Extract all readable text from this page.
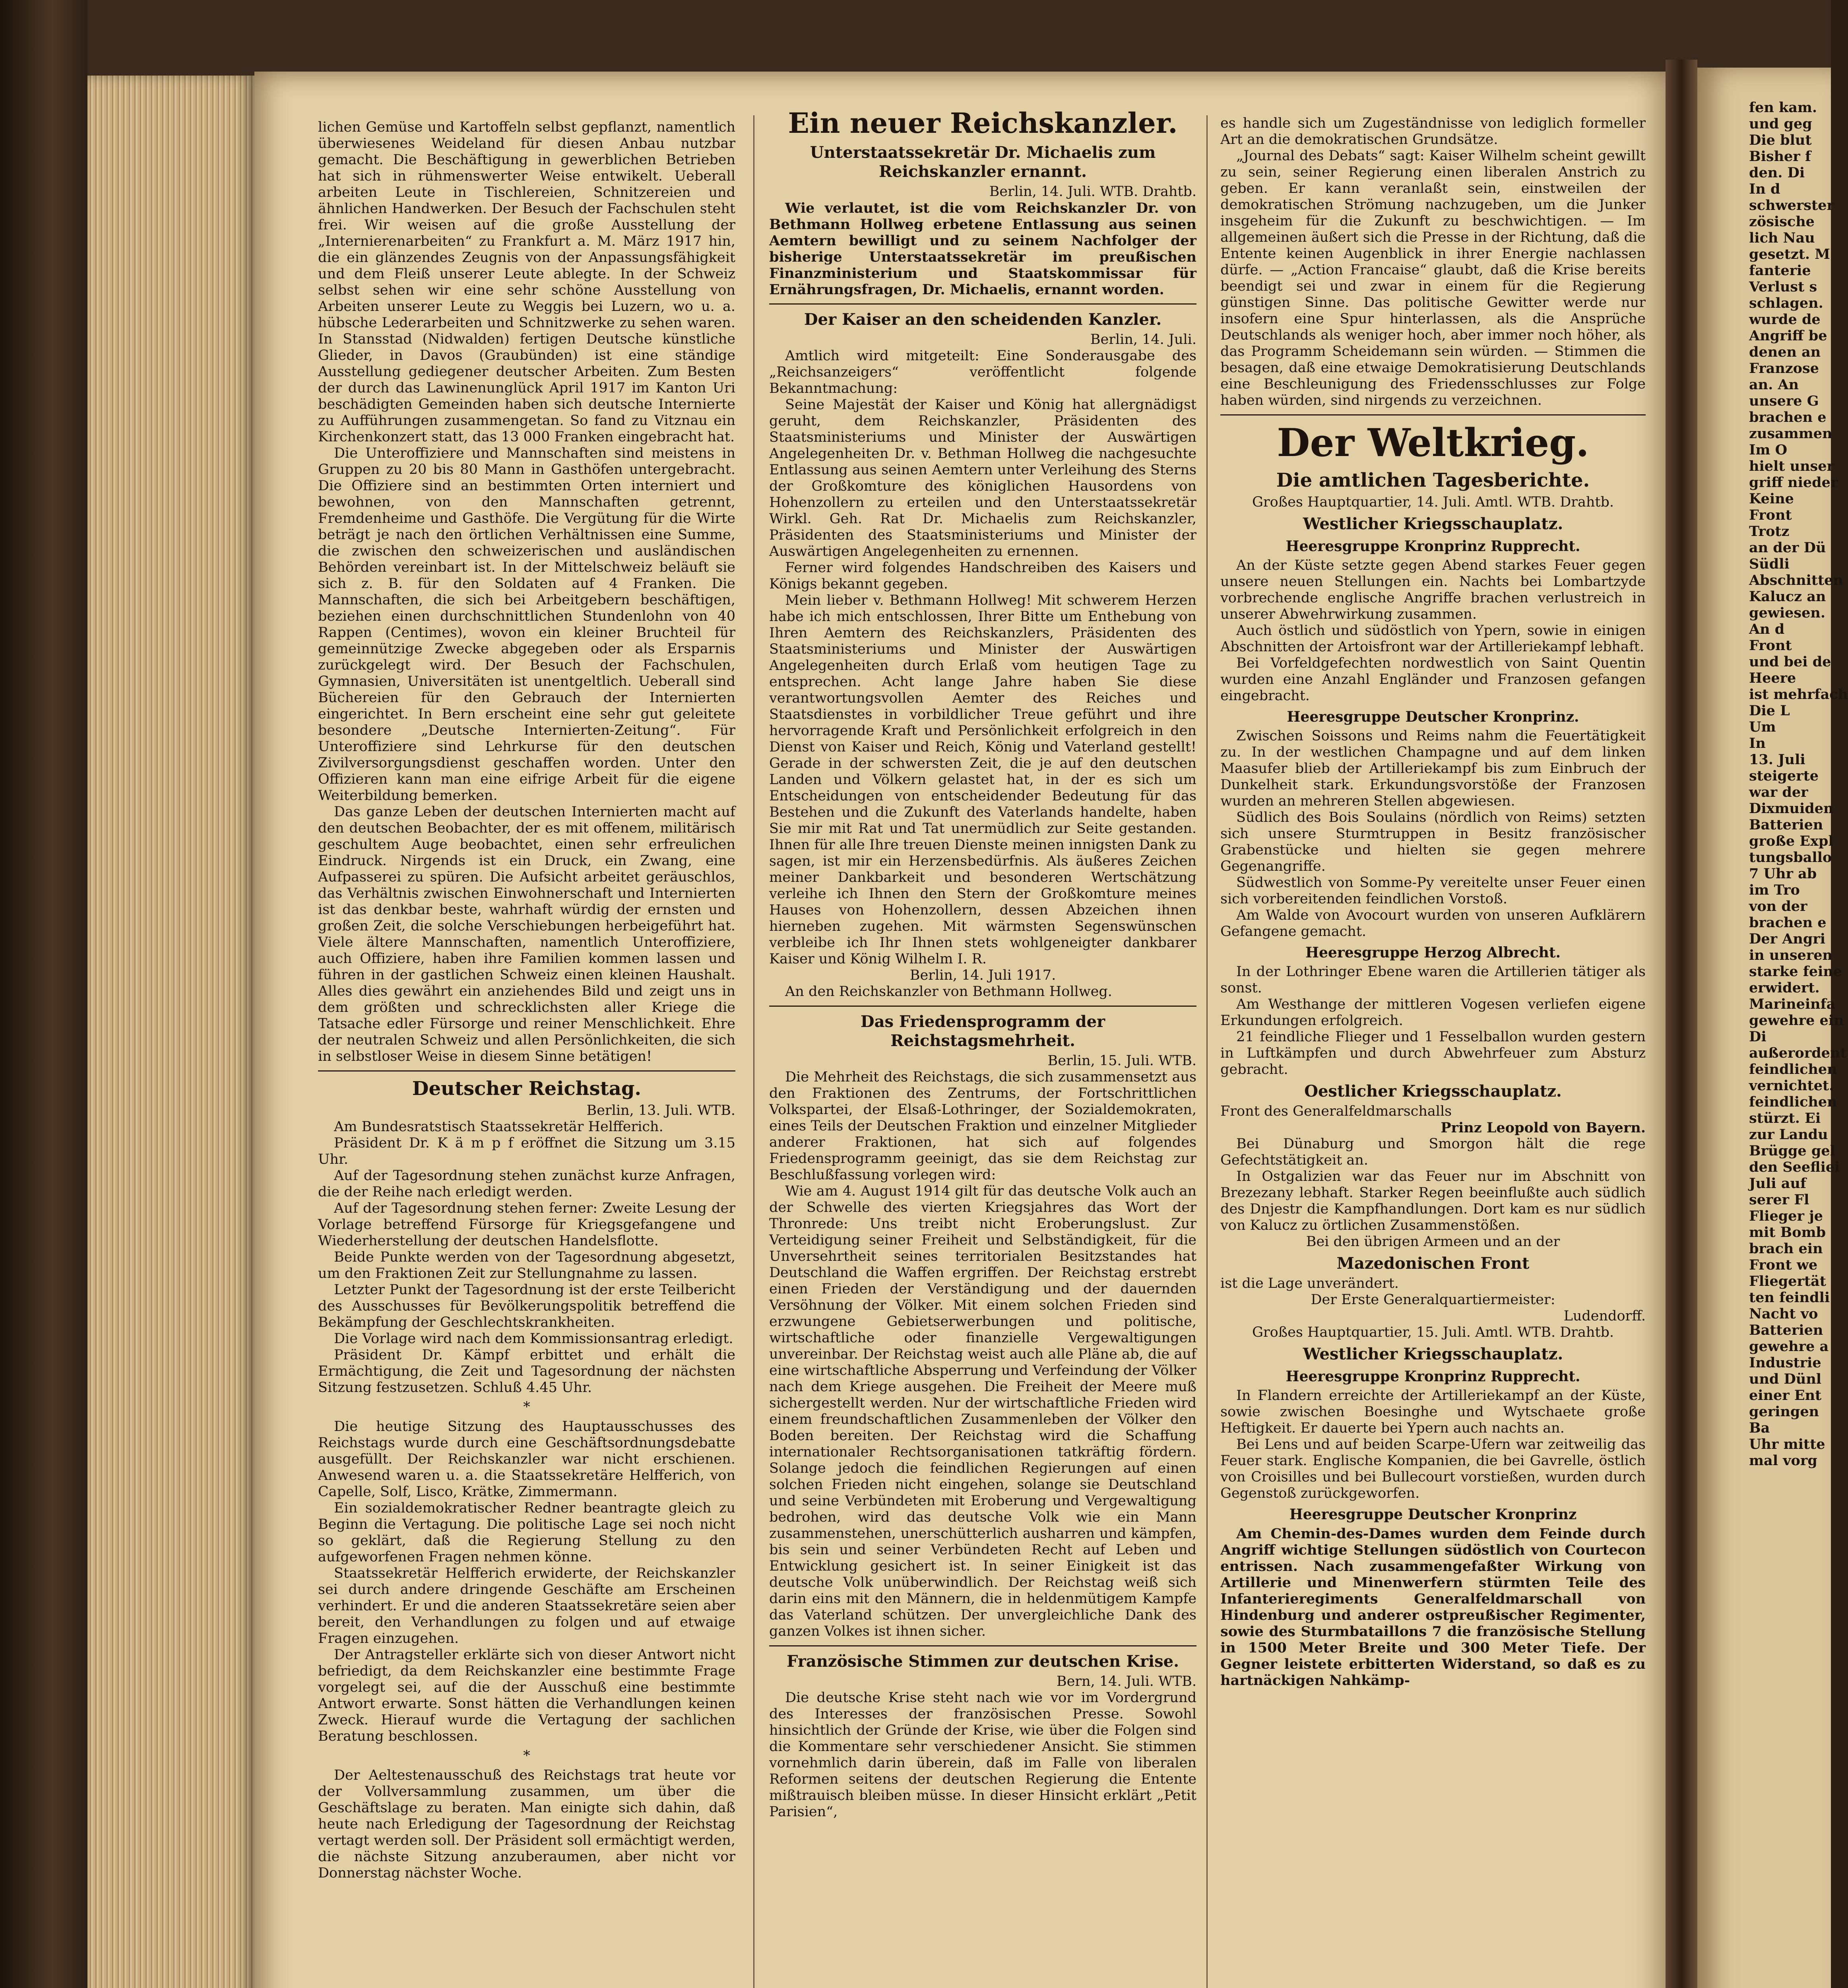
lichen Gemüse und Kartoffeln selbst gepflanzt, namentlich überwiesenes Weideland für diesen Anbau nutzbar gemacht. Die Beschäftigung in gewerblichen Betrieben hat sich in rühmenswerter Weise entwikelt. Ueberall arbeiten Leute in Tischlereien, Schnitzereien und ähnlichen Handwerken. Der Besuch der Fachschulen steht frei. Wir weisen auf die große Ausstellung der „Internierenarbeiten“ zu Frankfurt a. M. März 1917 hin, die ein glänzendes Zeugnis von der Anpassungsfähigkeit und dem Fleiß unserer Leute ablegte. In der Schweiz selbst sehen wir eine sehr schöne Ausstellung von Arbeiten unserer Leute zu Weggis bei Luzern, wo u. a. hübsche Lederarbeiten und Schnitzwerke zu sehen waren. In Stansstad (Nidwalden) fertigen Deutsche künstliche Glieder, in Davos (Graubünden) ist eine ständige Ausstellung gediegener deutscher Arbeiten. Zum Besten der durch das Lawinenunglück April 1917 im Kanton Uri beschädigten Gemeinden haben sich deutsche Internierte zu Aufführungen zusammengetan. So fand zu Vitznau ein Kirchenkonzert statt, das 13 000 Franken eingebracht hat.

Die Unteroffiziere und Mannschaften sind meistens in Gruppen zu 20 bis 80 Mann in Gasthöfen untergebracht. Die Offiziere sind an bestimmten Orten interniert und bewohnen, von den Mannschaften getrennt, Fremdenheime und Gasthöfe. Die Vergütung für die Wirte beträgt je nach den örtlichen Verhältnissen eine Summe, die zwischen den schweizerischen und ausländischen Behörden vereinbart ist. In der Mittelschweiz beläuft sie sich z. B. für den Soldaten auf 4 Franken. Die Mannschaften, die sich bei Arbeitgebern beschäftigen, beziehen einen durchschnittlichen Stundenlohn von 40 Rappen (Centimes), wovon ein kleiner Bruchteil für gemeinnützige Zwecke abgegeben oder als Ersparnis zurückgelegt wird. Der Besuch der Fachschulen, Gymnasien, Universitäten ist unentgeltlich. Ueberall sind Büchereien für den Gebrauch der Internierten eingerichtet. In Bern erscheint eine sehr gut geleitete besondere „Deutsche Internierten-Zeitung“. Für Unteroffiziere sind Lehrkurse für den deutschen Zivilversorgungsdienst geschaffen worden. Unter den Offizieren kann man eine eifrige Arbeit für die eigene Weiterbildung bemerken.

Das ganze Leben der deutschen Internierten macht auf den deutschen Beobachter, der es mit offenem, militärisch geschultem Auge beobachtet, einen sehr erfreulichen Eindruck. Nirgends ist ein Druck, ein Zwang, eine Aufpasserei zu spüren. Die Aufsicht arbeitet geräuschlos, das Verhältnis zwischen Einwohnerschaft und Internierten ist das denkbar beste, wahrhaft würdig der ernsten und großen Zeit, die solche Verschiebungen herbeigeführt hat. Viele ältere Mannschaften, namentlich Unteroffiziere, auch Offiziere, haben ihre Familien kommen lassen und führen in der gastlichen Schweiz einen kleinen Haushalt. Alles dies gewährt ein anziehendes Bild und zeigt uns in dem größten und schrecklichsten aller Kriege die Tatsache edler Fürsorge und reiner Menschlichkeit. Ehre der neutralen Schweiz und allen Persönlichkeiten, die sich in selbstloser Weise in diesem Sinne betätigen!

Deutscher Reichstag.

Berlin, 13. Juli. WTB.

Am Bundesratstisch Staatssekretär Helfferich.

Präsident Dr. K ä m p f eröffnet die Sitzung um 3.15 Uhr.

Auf der Tagesordnung stehen zunächst kurze Anfragen, die der Reihe nach erledigt werden.

Auf der Tagesordnung stehen ferner: Zweite Lesung der Vorlage betreffend Fürsorge für Kriegsgefangene und Wiederherstellung der deutschen Handelsflotte.

Beide Punkte werden von der Tagesordnung abgesetzt, um den Fraktionen Zeit zur Stellungnahme zu lassen.

Letzter Punkt der Tagesordnung ist der erste Teilbericht des Ausschusses für Bevölkerungspolitik betreffend die Bekämpfung der Geschlechtskrankheiten.

Die Vorlage wird nach dem Kommissionsantrag erledigt.

Präsident Dr. Kämpf erbittet und erhält die Ermächtigung, die Zeit und Tagesordnung der nächsten Sitzung festzusetzen. Schluß 4.45 Uhr.

*

Die heutige Sitzung des Hauptausschusses des Reichstags wurde durch eine Geschäftsordnungsdebatte ausgefüllt. Der Reichskanzler war nicht erschienen. Anwesend waren u. a. die Staatssekretäre Helfferich, von Capelle, Solf, Lisco, Krätke, Zimmermann.

Ein sozialdemokratischer Redner beantragte gleich zu Beginn die Vertagung. Die politische Lage sei noch nicht so geklärt, daß die Regierung Stellung zu den aufgeworfenen Fragen nehmen könne.

Staatssekretär Helfferich erwiderte, der Reichskanzler sei durch andere dringende Geschäfte am Erscheinen verhindert. Er und die anderen Staatssekretäre seien aber bereit, den Verhandlungen zu folgen und auf etwaige Fragen einzugehen.

Der Antragsteller erklärte sich von dieser Antwort nicht befriedigt, da dem Reichskanzler eine bestimmte Frage vorgelegt sei, auf die der Ausschuß eine bestimmte Antwort erwarte. Sonst hätten die Verhandlungen keinen Zweck. Hierauf wurde die Vertagung der sachlichen Beratung beschlossen.

*

Der Aeltestenausschuß des Reichstags trat heute vor der Vollversammlung zusammen, um über die Geschäftslage zu beraten. Man einigte sich dahin, daß heute nach Erledigung der Tagesordnung der Reichstag vertagt werden soll. Der Präsident soll ermächtigt werden, die nächste Sitzung anzuberaumen, aber nicht vor Donnerstag nächster Woche.

Ein neuer Reichskanzler.
Unterstaatssekretär Dr. Michaelis zum Reichskanzler ernannt.

Berlin, 14. Juli. WTB. Drahtb.

Wie verlautet, ist die vom Reichskanzler Dr. von Bethmann Hollweg erbetene Entlassung aus seinen Aemtern bewilligt und zu seinem Nachfolger der bisherige Unterstaatssekretär im preußischen Finanzministerium und Staatskommissar für Ernährungsfragen, Dr. Michaelis, ernannt worden.

Der Kaiser an den scheidenden Kanzler.

Berlin, 14. Juli.

Amtlich wird mitgeteilt: Eine Sonderausgabe des „Reichsanzeigers“ veröffentlicht folgende Bekanntmachung:

Seine Majestät der Kaiser und König hat allergnädigst geruht, dem Reichskanzler, Präsidenten des Staatsministeriums und Minister der Auswärtigen Angelegenheiten Dr. v. Bethman Hollweg die nachgesuchte Entlassung aus seinen Aemtern unter Verleihung des Sterns der Großkomture des königlichen Hausordens von Hohenzollern zu erteilen und den Unterstaatssekretär Wirkl. Geh. Rat Dr. Michaelis zum Reichskanzler, Präsidenten des Staatsministeriums und Minister der Auswärtigen Angelegenheiten zu ernennen.

Ferner wird folgendes Handschreiben des Kaisers und Königs bekannt gegeben.

Mein lieber v. Bethmann Hollweg! Mit schwerem Herzen habe ich mich entschlossen, Ihrer Bitte um Enthebung von Ihren Aemtern des Reichskanzlers, Präsidenten des Staatsministeriums und Minister der Auswärtigen Angelegenheiten durch Erlaß vom heutigen Tage zu entsprechen. Acht lange Jahre haben Sie diese verantwortungsvollen Aemter des Reiches und Staatsdienstes in vorbildlicher Treue geführt und ihre hervorragende Kraft und Persönlichkeit erfolgreich in den Dienst von Kaiser und Reich, König und Vaterland gestellt! Gerade in der schwersten Zeit, die je auf den deutschen Landen und Völkern gelastet hat, in der es sich um Entscheidungen von entscheidender Bedeutung für das Bestehen und die Zukunft des Vaterlands handelte, haben Sie mir mit Rat und Tat unermüdlich zur Seite gestanden. Ihnen für alle Ihre treuen Dienste meinen innigsten Dank zu sagen, ist mir ein Herzensbedürfnis. Als äußeres Zeichen meiner Dankbarkeit und besonderen Wertschätzung verleihe ich Ihnen den Stern der Großkomture meines Hauses von Hohenzollern, dessen Abzeichen ihnen hierneben zugehen. Mit wärmsten Segenswünschen verbleibe ich Ihr Ihnen stets wohlgeneigter dankbarer Kaiser und König Wilhelm I. R.

Berlin, 14. Juli 1917.

An den Reichskanzler von Bethmann Hollweg.

Das Friedensprogramm der Reichstagsmehrheit.

Berlin, 15. Juli. WTB.

Die Mehrheit des Reichstags, die sich zusammensetzt aus den Fraktionen des Zentrums, der Fortschrittlichen Volkspartei, der Elsaß-Lothringer, der Sozialdemokraten, eines Teils der Deutschen Fraktion und einzelner Mitglieder anderer Fraktionen, hat sich auf folgendes Friedensprogramm geeinigt, das sie dem Reichstag zur Beschlußfassung vorlegen wird:

Wie am 4. August 1914 gilt für das deutsche Volk auch an der Schwelle des vierten Kriegsjahres das Wort der Thronrede: Uns treibt nicht Eroberungslust. Zur Verteidigung seiner Freiheit und Selbständigkeit, für die Unversehrtheit seines territorialen Besitzstandes hat Deutschland die Waffen ergriffen. Der Reichstag erstrebt einen Frieden der Verständigung und der dauernden Versöhnung der Völker. Mit einem solchen Frieden sind erzwungene Gebietserwerbungen und politische, wirtschaftliche oder finanzielle Vergewaltigungen unvereinbar. Der Reichstag weist auch alle Pläne ab, die auf eine wirtschaftliche Absperrung und Verfeindung der Völker nach dem Kriege ausgehen. Die Freiheit der Meere muß sichergestellt werden. Nur der wirtschaftliche Frieden wird einem freundschaftlichen Zusammenleben der Völker den Boden bereiten. Der Reichstag wird die Schaffung internationaler Rechtsorganisationen tatkräftig fördern. Solange jedoch die feindlichen Regierungen auf einen solchen Frieden nicht eingehen, solange sie Deutschland und seine Verbündeten mit Eroberung und Vergewaltigung bedrohen, wird das deutsche Volk wie ein Mann zusammenstehen, unerschütterlich ausharren und kämpfen, bis sein und seiner Verbündeten Recht auf Leben und Entwicklung gesichert ist. In seiner Einigkeit ist das deutsche Volk unüberwindlich. Der Reichstag weiß sich darin eins mit den Männern, die in heldenmütigem Kampfe das Vaterland schützen. Der unvergleichliche Dank des ganzen Volkes ist ihnen sicher.

Französische Stimmen zur deutschen Krise.

Bern, 14. Juli. WTB.

Die deutsche Krise steht nach wie vor im Vordergrund des Interesses der französischen Presse. Sowohl hinsichtlich der Gründe der Krise, wie über die Folgen sind die Kommentare sehr verschiedener Ansicht. Sie stimmen vornehmlich darin überein, daß im Falle von liberalen Reformen seitens der deutschen Regierung die Entente mißtrauisch bleiben müsse. In dieser Hinsicht erklärt „Petit Parisien“,

es handle sich um Zugeständnisse von lediglich formeller Art an die demokratischen Grundsätze.

„Journal des Debats“ sagt: Kaiser Wilhelm scheint gewillt zu sein, seiner Regierung einen liberalen Anstrich zu geben. Er kann veranlaßt sein, einstweilen der demokratischen Strömung nachzugeben, um die Junker insgeheim für die Zukunft zu beschwichtigen. — Im allgemeinen äußert sich die Presse in der Richtung, daß die Entente keinen Augenblick in ihrer Energie nachlassen dürfe. — „Action Francaise“ glaubt, daß die Krise bereits beendigt sei und zwar in einem für die Regierung günstigen Sinne. Das politische Gewitter werde nur insofern eine Spur hinterlassen, als die Ansprüche Deutschlands als weniger hoch, aber immer noch höher, als das Programm Scheidemann sein würden. — Stimmen die besagen, daß eine etwaige Demokratisierung Deutschlands eine Beschleunigung des Friedensschlusses zur Folge haben würden, sind nirgends zu verzeichnen.

Der Weltkrieg.
Die amtlichen Tagesberichte.

Großes Hauptquartier, 14. Juli. Amtl. WTB. Drahtb.

Westlicher Kriegsschauplatz.
Heeresgruppe Kronprinz Rupprecht.

An der Küste setzte gegen Abend starkes Feuer gegen unsere neuen Stellungen ein. Nachts bei Lombartzyde vorbrechende englische Angriffe brachen verlustreich in unserer Abwehrwirkung zusammen.

Auch östlich und südöstlich von Ypern, sowie in einigen Abschnitten der Artoisfront war der Artilleriekampf lebhaft.

Bei Vorfeldgefechten nordwestlich von Saint Quentin wurden eine Anzahl Engländer und Franzosen gefangen eingebracht.

Heeresgruppe Deutscher Kronprinz.

Zwischen Soissons und Reims nahm die Feuertätigkeit zu. In der westlichen Champagne und auf dem linken Maasufer blieb der Artilleriekampf bis zum Einbruch der Dunkelheit stark. Erkundungsvorstöße der Franzosen wurden an mehreren Stellen abgewiesen.

Südlich des Bois Soulains (nördlich von Reims) setzten sich unsere Sturmtruppen in Besitz französischer Grabenstücke und hielten sie gegen mehrere Gegenangriffe.

Südwestlich von Somme-Py vereitelte unser Feuer einen sich vorbereitenden feindlichen Vorstoß.

Am Walde von Avocourt wurden von unseren Aufklärern Gefangene gemacht.

Heeresgruppe Herzog Albrecht.

In der Lothringer Ebene waren die Artillerien tätiger als sonst.

Am Westhange der mittleren Vogesen verliefen eigene Erkundungen erfolgreich.

21 feindliche Flieger und 1 Fesselballon wurden gestern in Luftkämpfen und durch Abwehrfeuer zum Absturz gebracht.

Oestlicher Kriegsschauplatz.

Front des Generalfeldmarschalls

Prinz Leopold von Bayern.

Bei Dünaburg und Smorgon hält die rege Gefechtstätigkeit an.

In Ostgalizien war das Feuer nur im Abschnitt von Brezezany lebhaft. Starker Regen beeinflußte auch südlich des Dnjestr die Kampfhandlungen. Dort kam es nur südlich von Kalucz zu örtlichen Zusammenstößen.

Bei den übrigen Armeen und an der

Mazedonischen Front

ist die Lage unverändert.

Der Erste Generalquartiermeister:

Ludendorff.

Großes Hauptquartier, 15. Juli. Amtl. WTB. Drahtb.

Westlicher Kriegsschauplatz.
Heeresgruppe Kronprinz Rupprecht.

In Flandern erreichte der Artilleriekampf an der Küste, sowie zwischen Boesinghe und Wytschaete große Heftigkeit. Er dauerte bei Ypern auch nachts an.

Bei Lens und auf beiden Scarpe-Ufern war zeitweilig das Feuer stark. Englische Kompanien, die bei Gavrelle, östlich von Croisilles und bei Bullecourt vorstießen, wurden durch Gegenstoß zurückgeworfen.

Heeresgruppe Deutscher Kronprinz

Am Chemin-des-Dames wurden dem Feinde durch Angriff wichtige Stellungen südöstlich von Courtecon entrissen. Nach zusammengefaßter Wirkung von Artillerie und Minenwerfern stürmten Teile des Infanterieregiments Generalfeldmarschall von Hindenburg und anderer ostpreußischer Regimenter, sowie des Sturmbataillons 7 die französische Stellung in 1500 Meter Breite und 300 Meter Tiefe. Der Gegner leistete erbitterten Widerstand, so daß es zu hartnäckigen Nahkämp-

fen kam.
und geg
Die blut
Bisher f
den. Di
In d
schwerster
zösische
lich Nau
gesetzt. M
fanterie
Verlust s
schlagen.
wurde de
Angriff be
denen an
Franzose
an. An
unsere G
brachen e
zusammen
Im O
hielt unser
griff nieder
Keine
Front
Trotz
an der Dü
Südli
Abschnitten
Kalucz an
gewiesen.
An d
Front
und bei de
Heere
ist mehrfach
Die L
Um
In
13. Juli
steigerte
war der
Dixmuiden
Batterien
große Expl
tungsballo
7 Uhr ab
im Tro
von der
brachen e
Der Angri
in unseren
starke feine
erwidert.
Marineinfa
gewehre ein
Di
außerordent
feindlichen
vernichtet.
feindlichen
stürzt. Ei
zur Landu
Brügge gel
den Seefliei
Juli auf
serer Fl
Flieger je
mit Bomb
brach ein
Front we
Fliegertät
ten feindli
Nacht vo
Batterien
gewehre a
Industrie
und Dünl
einer Ent
geringen
Ba
Uhr mitte
mal vorg
